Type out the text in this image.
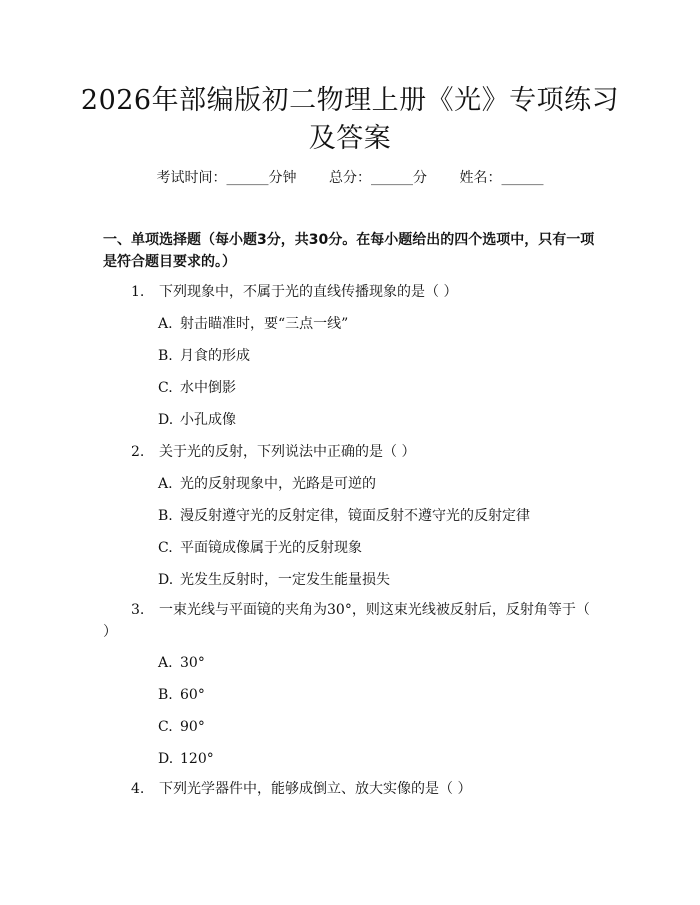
2026年部编版初二物理上册《光》专项练习及答案
考试时间：______分钟 总分：______分 姓名：______
一、单项选择题（每小题3分，共30分。在每小题给出的四个选项中，只有一项是符合题目要求的。）
1. 下列现象中，不属于光的直线传播现象的是（ ）
A. 射击瞄准时，要“三点一线”
B. 月食的形成
C. 水中倒影
D. 小孔成像
2. 关于光的反射，下列说法中正确的是（ ）
A. 光的反射现象中，光路是可逆的
B. 漫反射遵守光的反射定律，镜面反射不遵守光的反射定律
C. 平面镜成像属于光的反射现象
D. 光发生反射时，一定发生能量损失
3. 一束光线与平面镜的夹角为30°，则这束光线被反射后，反射角等于（ ）
A. 30°
B. 60°
C. 90°
D. 120°
4. 下列光学器件中，能够成倒立、放大实像的是（ ）
